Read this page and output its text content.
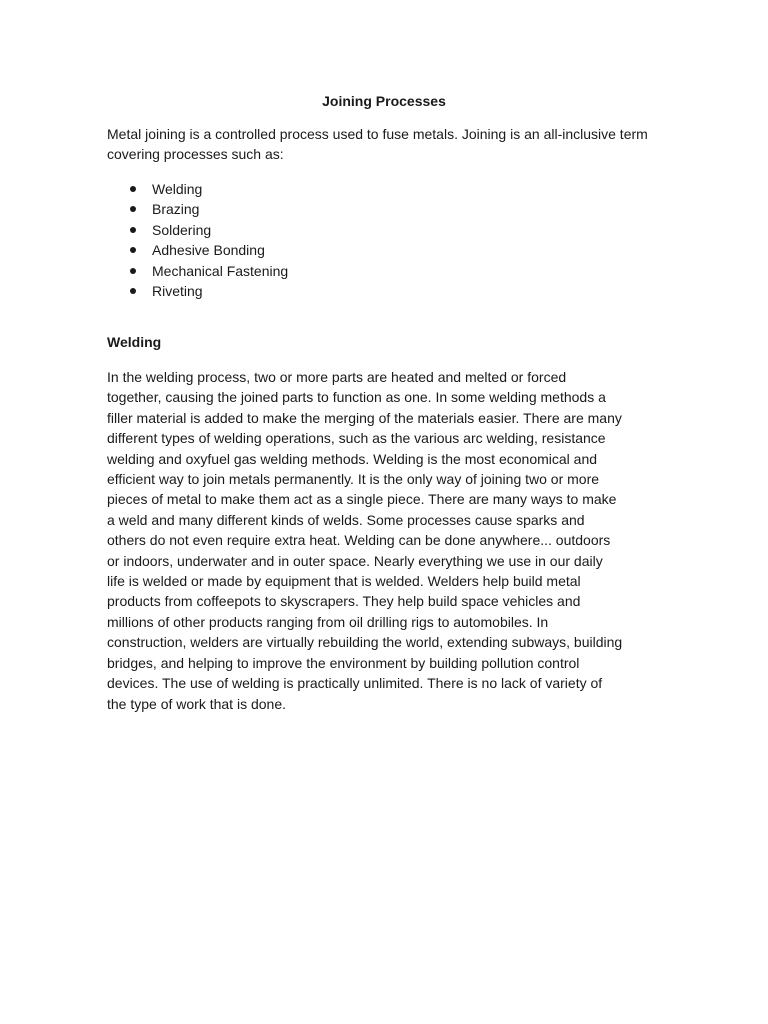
Joining Processes

Metal joining is a controlled process used to fuse metals. Joining is an all-inclusive term covering processes such as:

Welding
Brazing
Soldering
Adhesive Bonding
Mechanical Fastening
Riveting
Welding

In the welding process, two or more parts are heated and melted or forced
together, causing the joined parts to function as one. In some welding methods a
filler material is added to make the merging of the materials easier. There are many
different types of welding operations, such as the various arc welding, resistance
welding and oxyfuel gas welding methods. Welding is the most economical and
efficient way to join metals permanently. It is the only way of joining two or more
pieces of metal to make them act as a single piece. There are many ways to make
a weld and many different kinds of welds. Some processes cause sparks and
others do not even require extra heat. Welding can be done anywhere... outdoors
or indoors, underwater and in outer space. Nearly everything we use in our daily
life is welded or made by equipment that is welded. Welders help build metal
products from coffeepots to skyscrapers. They help build space vehicles and
millions of other products ranging from oil drilling rigs to automobiles. In
construction, welders are virtually rebuilding the world, extending subways, building
bridges, and helping to improve the environment by building pollution control
devices. The use of welding is practically unlimited. There is no lack of variety of
the type of work that is done.
